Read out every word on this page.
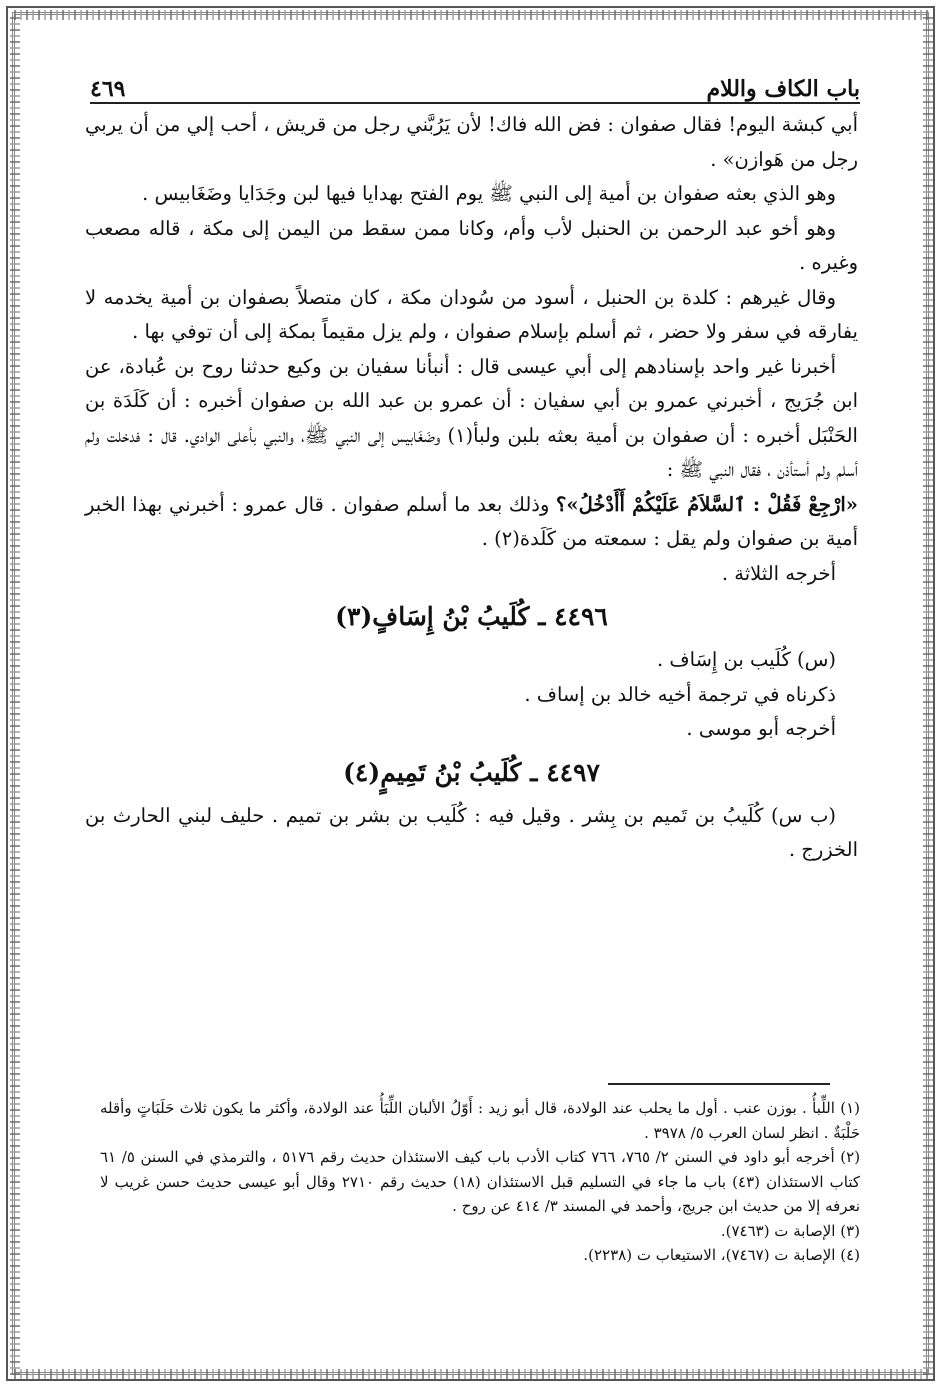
باب الكاف واللام
٤٦٩

أبي كبشة اليوم! فقال صفوان : فض الله فاك! لأن يَرُبَّني رجل من قريش ، أحب إلي من أن يربي رجل من هَوازن» .

وهو الذي بعثه صفوان بن أمية إلى النبي ﷺ يوم الفتح بهدايا فيها لبن وجَدَايا وضَغَابيس .

وهو أخو عبد الرحمن بن الحنبل لأب وأم، وكانا ممن سقط من اليمن إلى مكة ، قاله مصعب وغيره .

وقال غيرهم : كلدة بن الحنبل ، أسود من سُودان مكة ، كان متصلاً بصفوان بن أمية يخدمه لا يفارقه في سفر ولا حضر ، ثم أسلم بإسلام صفوان ، ولم يزل مقيماً بمكة إلى أن توفي بها .

أخبرنا غير واحد بإسنادهم إلى أبي عيسى قال : أنبأنا سفيان بن وكيع حدثنا روح بن عُبادة، عن ابن جُرَيج ، أخبرني عمرو بن أبي سفيان : أن عمرو بن عبد الله بن صفوان أخبره : أن كَلَدَة بن الحَنْبَل أخبره : أن صفوان بن أمية بعثه بلبن ولبأ(١) وضَغَابيس إلى النبي ﷺ، والنبي بأعلى الوادي. قال : فدخلت ولم أسلم ولم أستأذن ، فقال النبي ﷺ :

«ارْجِعْ فَقُلْ : ٱلسَّلاَمُ عَلَيْكُمْ أَأَدْخُلُ»؟ وذلك بعد ما أسلم صفوان . قال عمرو : أخبرني بهذا الخبر أمية بن صفوان ولم يقل : سمعته من كَلَدة(٢) .

أخرجه الثلاثة .

٤٤٩٦ ـ كُلَيبُ بْنُ إِسَافٍ(٣)

(س) كُلَيب بن إِسَاف .

ذكرناه في ترجمة أخيه خالد بن إساف .

أخرجه أبو موسى .

٤٤٩٧ ـ كُلَيبُ بْنُ تَمِيمٍ(٤)

(ب س) كُلَيبُ بن تَميم بن بِشر . وقيل فيه : كُلَيب بن بشر بن تميم . حليف لبني الحارث بن الخزرج .

(١) اللِّبأُ . بوزن عنب . أول ما يحلب عند الولادة، قال أبو زيد : أَوّلُ الألبان اللِّبَأُ عند الولادة، وأكثر ما يكون ثلاث حَلَبَاتٍ وأقله حَلْبَةٌ . انظر لسان العرب ٥/ ٣٩٧٨ .

(٢) أخرجه أبو داود في السنن ٢/ ٧٦٥، ٧٦٦ كتاب الأدب باب كيف الاستئذان حديث رقم ٥١٧٦ ، والترمذي في السنن ٥/ ٦١ كتاب الاستئذان (٤٣) باب ما جاء في التسليم قبل الاستئذان (١٨) حديث رقم ٢٧١٠ وقال أبو عيسى حديث حسن غريب لا نعرفه إلا من حديث ابن جريج، وأحمد في المسند ٣/ ٤١٤ عن روح .

(٣) الإصابة ت (٧٤٦٣).

(٤) الإصابة ت (٧٤٦٧)، الاستيعاب ت (٢٢٣٨).
